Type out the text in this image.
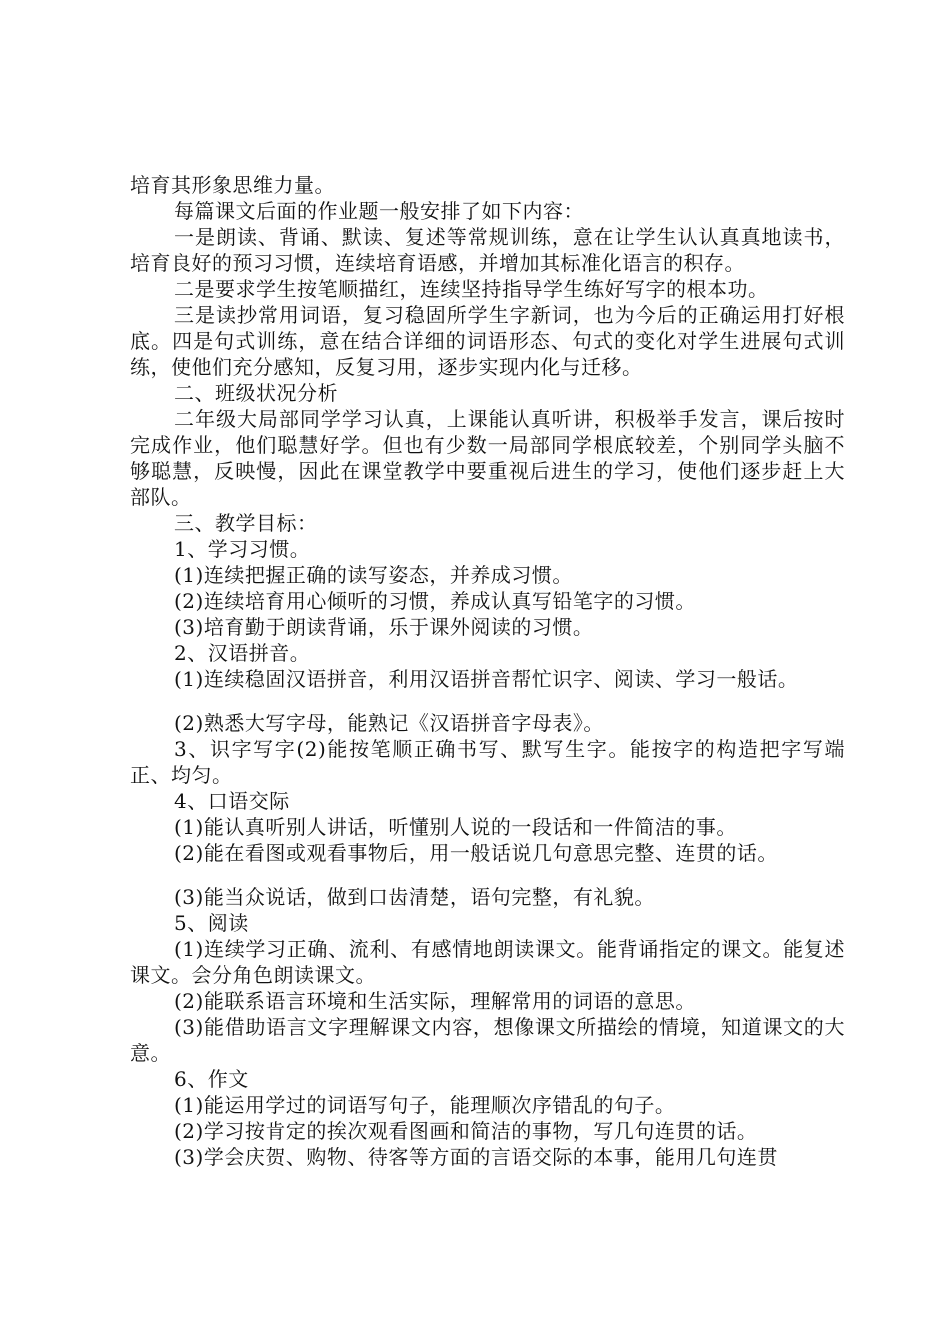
培育其形象思维力量。

每篇课文后面的作业题一般安排了如下内容：

一是朗读、背诵、默读、复述等常规训练，意在让学生认认真真地读书，培育良好的预习习惯，连续培育语感，并增加其标准化语言的积存。

二是要求学生按笔顺描红，连续坚持指导学生练好写字的根本功。

三是读抄常用词语，复习稳固所学生字新词，也为今后的正确运用打好根底。四是句式训练，意在结合详细的词语形态、句式的变化对学生进展句式训练，使他们充分感知，反复习用，逐步实现内化与迁移。

二、班级状况分析

二年级大局部同学学习认真，上课能认真听讲，积极举手发言，课后按时完成作业，他们聪慧好学。但也有少数一局部同学根底较差，个别同学头脑不够聪慧，反映慢，因此在课堂教学中要重视后进生的学习，使他们逐步赶上大部队。

三、教学目标：

1、学习习惯。

(1)连续把握正确的读写姿态，并养成习惯。

(2)连续培育用心倾听的习惯，养成认真写铅笔字的习惯。

(3)培育勤于朗读背诵，乐于课外阅读的习惯。

2、汉语拼音。

(1)连续稳固汉语拼音，利用汉语拼音帮忙识字、阅读、学习一般话。

(2)熟悉大写字母，能熟记《汉语拼音字母表》。

3、识字写字(2)能按笔顺正确书写、默写生字。能按字的构造把字写端正、均匀。

4、口语交际

(1)能认真听别人讲话，听懂别人说的一段话和一件简洁的事。

(2)能在看图或观看事物后，用一般话说几句意思完整、连贯的话。

(3)能当众说话，做到口齿清楚，语句完整，有礼貌。

5、阅读

(1)连续学习正确、流利、有感情地朗读课文。能背诵指定的课文。能复述课文。会分角色朗读课文。

(2)能联系语言环境和生活实际，理解常用的词语的意思。

(3)能借助语言文字理解课文内容，想像课文所描绘的情境，知道课文的大意。

6、作文

(1)能运用学过的词语写句子，能理顺次序错乱的句子。

(2)学习按肯定的挨次观看图画和简洁的事物，写几句连贯的话。

(3)学会庆贺、购物、待客等方面的言语交际的本事，能用几句连贯
